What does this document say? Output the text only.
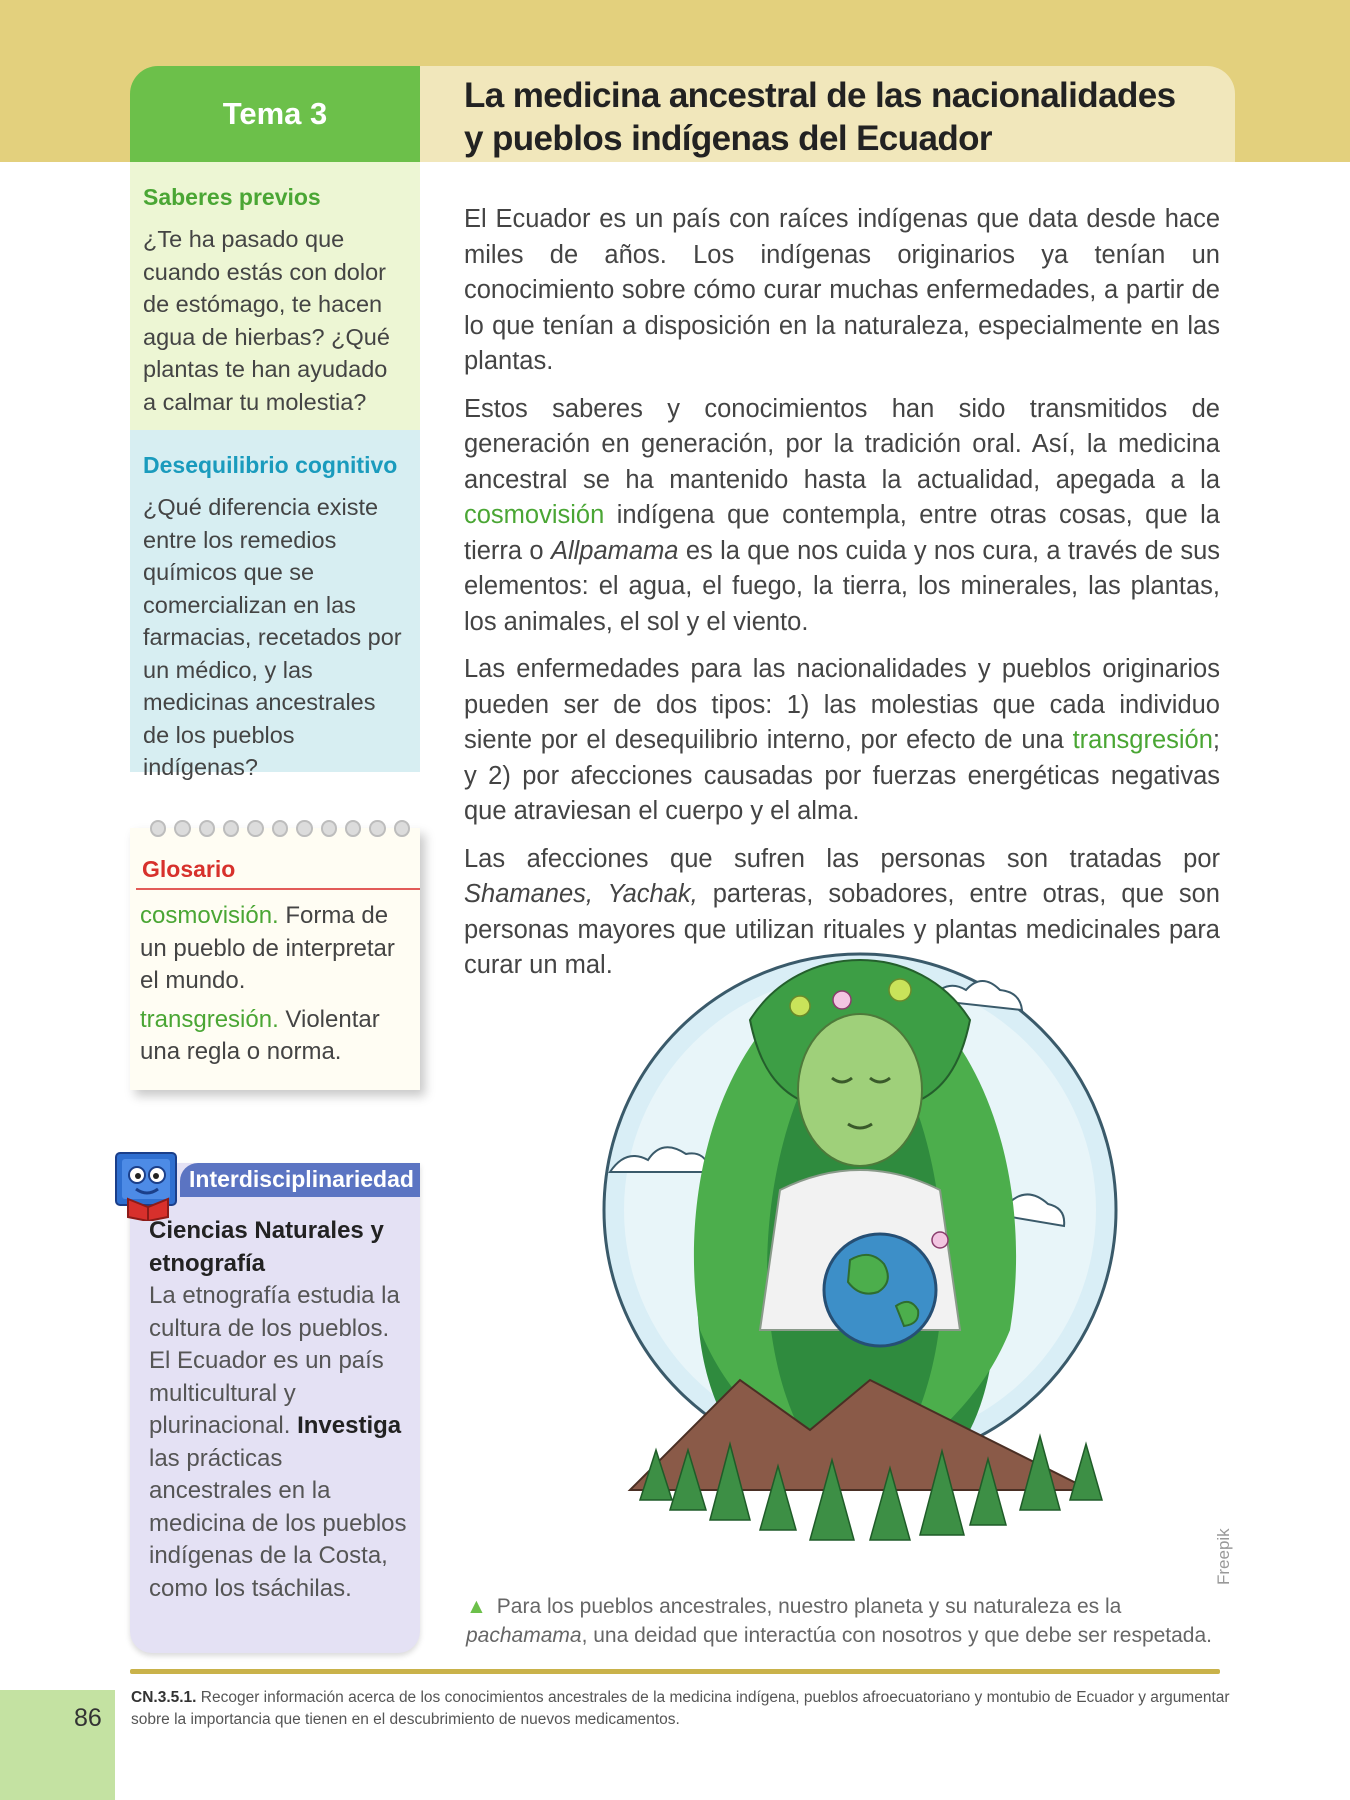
Tema 3	La medicina ancestral de las nacionalidades
y pueblos indígenas del Ecuador
Saberes previos
¿Te ha pasado que cuando estás con dolor de estómago, te hacen agua de hierbas? ¿Qué plantas te han ayudado a calmar tu molestia?
Desequilibrio cognitivo
¿Qué diferencia existe entre los remedios químicos que se comercializan en las farmacias, recetados por un médico, y las medicinas ancestrales de los pueblos indígenas?
Glosario

cosmovisión. Forma de un pueblo de interpretar el mundo.

transgresión. Violentar una regla o norma.

Interdisciplinariedad
Ciencias Naturales y etnografía
La etnografía estudia la cultura de los pueblos. El Ecuador es un país multicultural y plurinacional. Investiga las prácticas ancestrales en la medicina de los pueblos indígenas de la Costa, como los tsáchilas.

El Ecuador es un país con raíces indígenas que data desde hace miles de años. Los indígenas originarios ya tenían un conocimiento sobre cómo curar muchas enfermedades, a partir de lo que tenían a disposición en la naturaleza, especialmente en las plantas.

Estos saberes y conocimientos han sido transmitidos de generación en generación, por la tradición oral. Así, la medicina ancestral se ha mantenido hasta la actualidad, apegada a la cosmovisión indígena que contempla, entre otras cosas, que la tierra o Allpamama es la que nos cuida y nos cura, a través de sus elementos: el agua, el fuego, la tierra, los minerales, las plantas, los animales, el sol y el viento.

Las enfermedades para las nacionalidades y pueblos originarios pueden ser de dos tipos: 1) las molestias que cada individuo siente por el desequilibrio interno, por efecto de una transgresión; y 2) por afecciones causadas por fuerzas energéticas negativas que atraviesan el cuerpo y el alma.

Las afecciones que sufren las personas son tratadas por Shamanes, Yachak, parteras, sobadores, entre otras, que son personas mayores que utilizan rituales y plantas medicinales para curar un mal.

Freepik
▲ Para los pueblos ancestrales, nuestro planeta y su naturaleza es la pachamama, una deidad que interactúa con nosotros y que debe ser respetada.
86
CN.3.5.1. Recoger información acerca de los conocimientos ancestrales de la medicina indígena, pueblos afroecuatoriano y montubio de Ecuador y argumentar sobre la importancia que tienen en el descubrimiento de nuevos medicamentos.
